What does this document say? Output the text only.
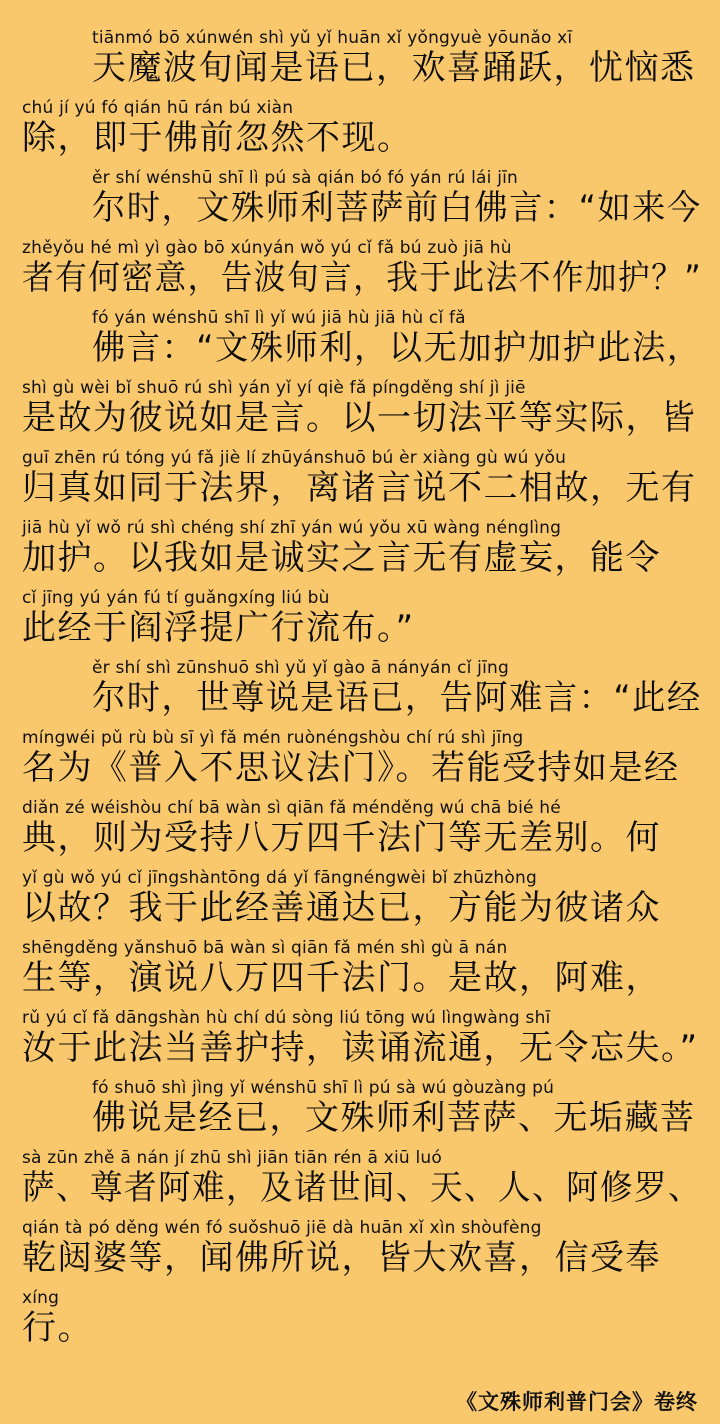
tiānmó bō xúnwén shì yǔ yǐ huān xǐ yǒngyuè yōunǎo xī
天魔波旬闻是语已，欢喜踊跃，忧恼悉
chú jí yú fó qián hū rán bú xiàn
除，即于佛前忽然不现。
ěr shí wénshū shī lì pú sà qián bó fó yán rú lái jīn
尔时，文殊师利菩萨前白佛言：“如来今
zhěyǒu hé mì yì gào bō xúnyán wǒ yú cǐ fǎ bú zuò jiā hù
者有何密意，告波旬言，我于此法不作加护？”
fó yán wénshū shī lì yǐ wú jiā hù jiā hù cǐ fǎ
佛言：“文殊师利，以无加护加护此法，
shì gù wèi bǐ shuō rú shì yán yǐ yí qiè fǎ píngděng shí jì jiē
是故为彼说如是言。以一切法平等实际，皆
guī zhēn rú tóng yú fǎ jiè lí zhūyánshuō bú èr xiàng gù wú yǒu
归真如同于法界，离诸言说不二相故，无有
jiā hù yǐ wǒ rú shì chéng shí zhī yán wú yǒu xū wàng nénglìng
加护。以我如是诚实之言无有虚妄，能令
cǐ jīng yú yán fú tí guǎngxíng liú bù
此经于阎浮提广行流布。”
ěr shí shì zūnshuō shì yǔ yǐ gào ā nányán cǐ jīng
尔时，世尊说是语已，告阿难言：“此经
míngwéi pǔ rù bù sī yì fǎ mén ruònéngshòu chí rú shì jīng
名为《普入不思议法门》。若能受持如是经
diǎn zé wéishòu chí bā wàn sì qiān fǎ ménděng wú chā bié hé
典，则为受持八万四千法门等无差别。何
yǐ gù wǒ yú cǐ jīngshàntōng dá yǐ fāngnéngwèi bǐ zhūzhòng
以故？我于此经善通达已，方能为彼诸众
shēngděng yǎnshuō bā wàn sì qiān fǎ mén shì gù ā nán
生等，演说八万四千法门。是故，阿难，
rǔ yú cǐ fǎ dāngshàn hù chí dú sòng liú tōng wú lìngwàng shī
汝于此法当善护持，读诵流通，无令忘失。”
fó shuō shì jìng yǐ wénshū shī lì pú sà wú gòuzàng pú
佛说是经已，文殊师利菩萨、无垢藏菩
sà zūn zhě ā nán jí zhū shì jiān tiān rén ā xiū luó
萨、尊者阿难，及诸世间、天、人、阿修罗、
qián tà pó děng wén fó suǒshuō jiē dà huān xǐ xìn shòufèng
乾闼婆等，闻佛所说，皆大欢喜，信受奉
xíng
行。
《文殊师利普门会》卷终
